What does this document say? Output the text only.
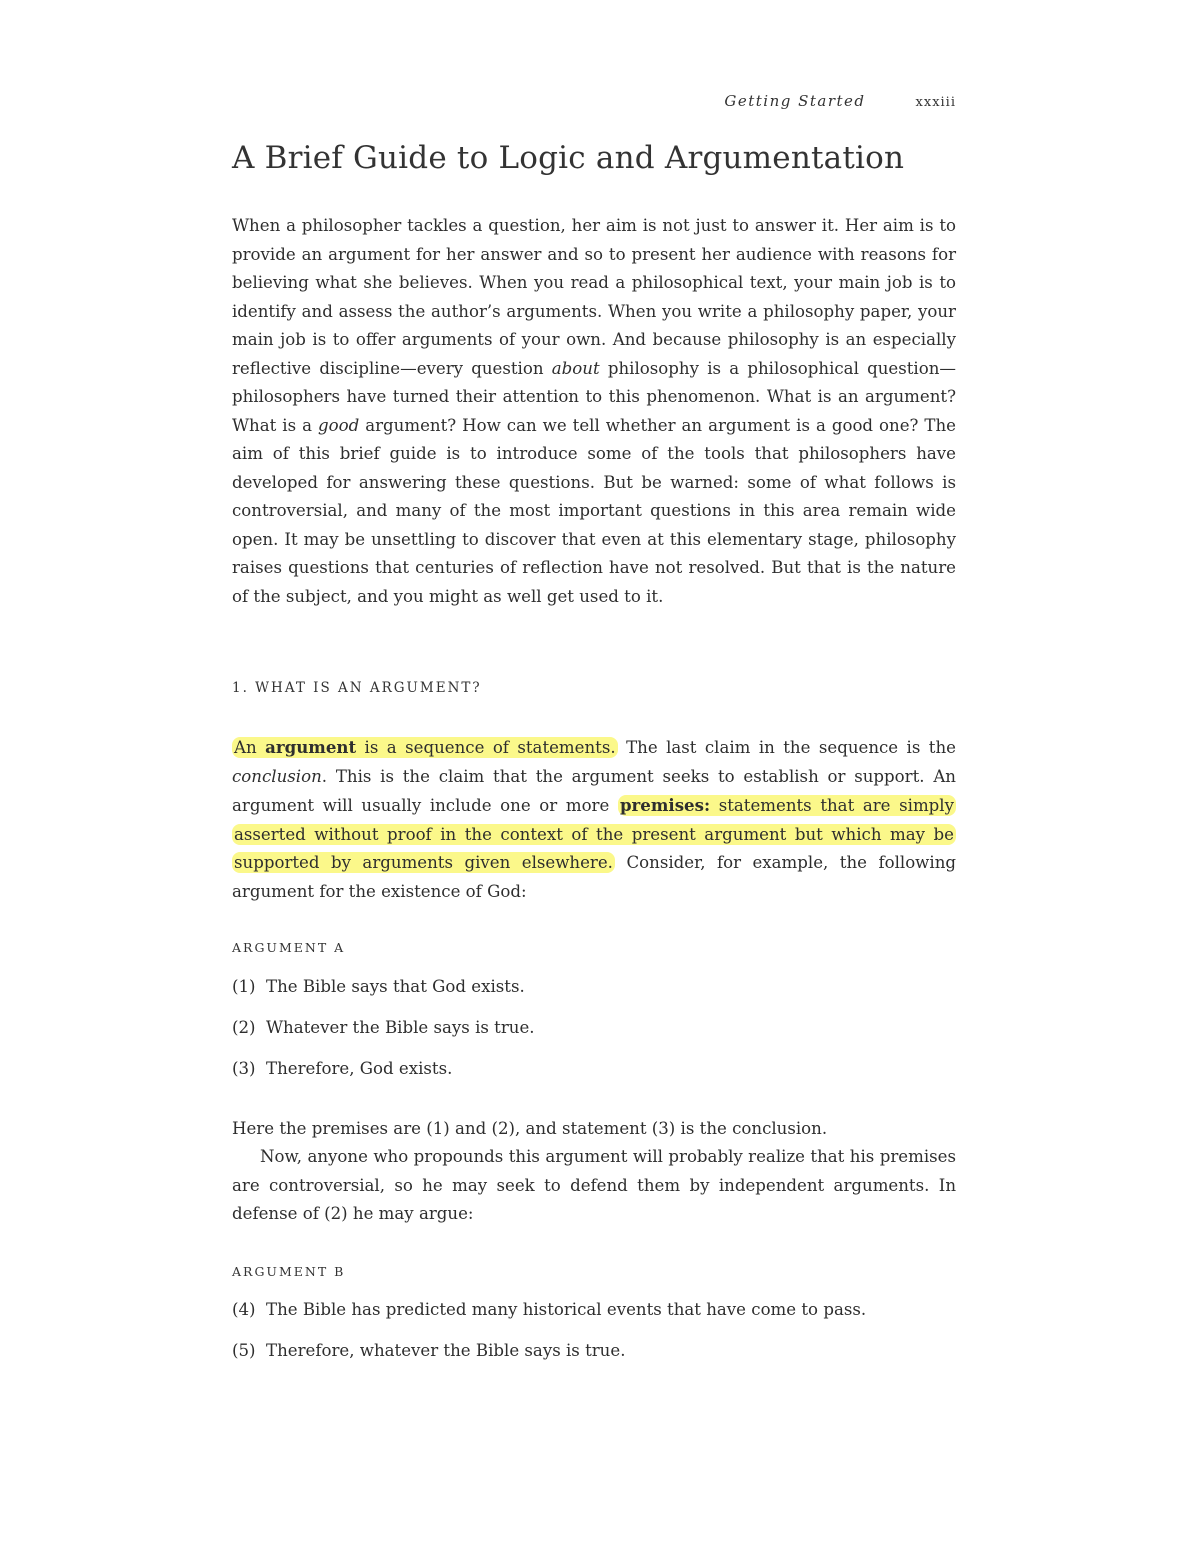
Getting Started	xxxiii
A Brief Guide to Logic and Argumentation

When a philosopher tackles a question, her aim is not just to answer it. Her aim is to provide an argument for her answer and so to present her audience with reasons for believing what she believes. When you read a philosophical text, your main job is to identify and assess the author’s arguments. When you write a philosophy paper, your main job is to offer arguments of your own. And because philosophy is an especially reflective discipline—every question about philosophy is a philosophical question—philosophers have turned their attention to this phenomenon. What is an argument? What is a good argument? How can we tell whether an argument is a good one? The aim of this brief guide is to introduce some of the tools that philosophers have developed for answering these questions. But be warned: some of what follows is controversial, and many of the most important questions in this area remain wide open. It may be unsettling to discover that even at this elementary stage, philosophy raises questions that centuries of reflection have not resolved. But that is the nature of the subject, and you might as well get used to it.

1. WHAT IS AN ARGUMENT?

An argument is a sequence of statements. The last claim in the sequence is the conclusion. This is the claim that the argument seeks to establish or support. An argument will usually include one or more premises: statements that are simply asserted without proof in the context of the present argument but which may be supported by arguments given elsewhere. Consider, for example, the following argument for the existence of God:

ARGUMENT A
(1) The Bible says that God exists.
(2) Whatever the Bible says is true.
(3) Therefore, God exists.

Here the premises are (1) and (2), and statement (3) is the conclusion.

Now, anyone who propounds this argument will probably realize that his premises are controversial, so he may seek to defend them by independent arguments. In defense of (2) he may argue:

ARGUMENT B
(4) The Bible has predicted many historical events that have come to pass.
(5) Therefore, whatever the Bible says is true.
